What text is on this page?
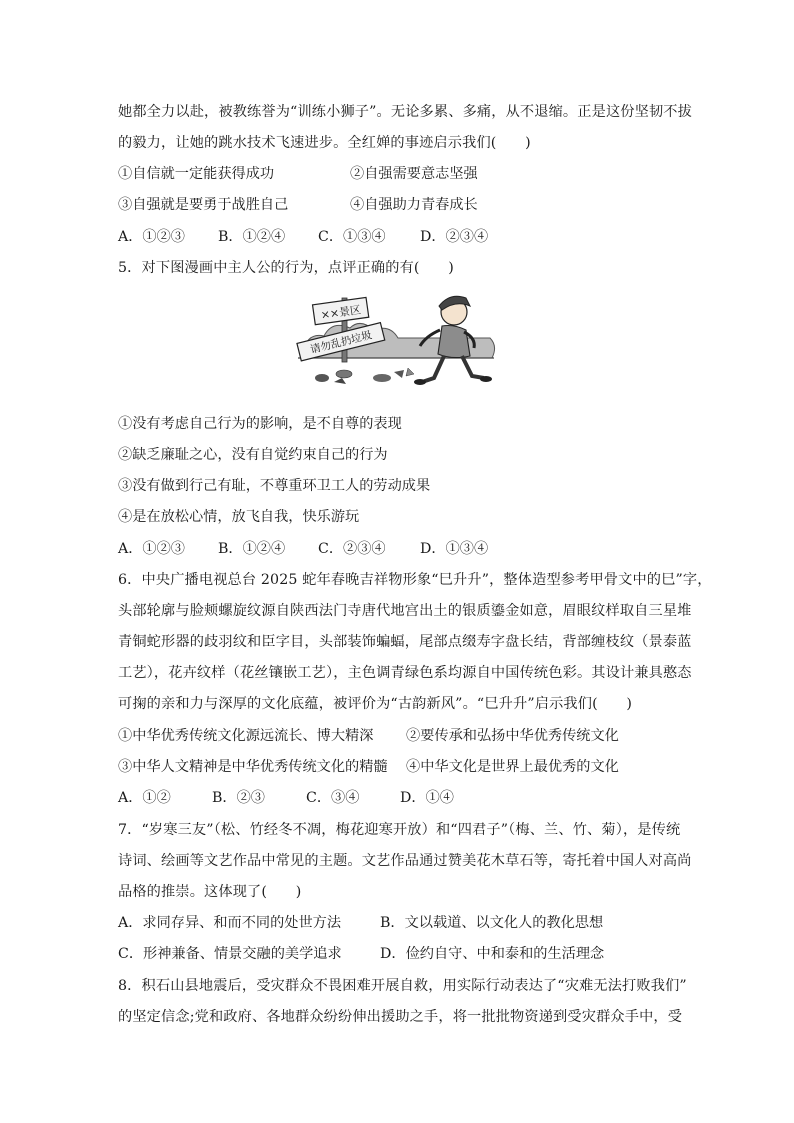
她都全力以赴，被教练誉为“训练小狮子”。无论多累、多痛，从不退缩。正是这份坚韧不拔
的毅力，让她的跳水技术飞速进步。全红婵的事迹启示我们(　　)
①自信就一定能获得成功	②自强需要意志坚强
③自强就是要勇于战胜自己	④自强助力青春成长
A．①②③ B．①②④ C．①③④ D．②③④
5．对下图漫画中主人公的行为，点评正确的有(　　)
××景区
请勿乱扔垃圾
①没有考虑自己行为的影响，是不自尊的表现
②缺乏廉耻之心，没有自觉约束自己的行为
③没有做到行己有耻，不尊重环卫工人的劳动成果
④是在放松心情，放飞自我，快乐游玩
A．①②③ B．①②④ C．②③④ D．①③④
6．中央广播电视总台 2025 蛇年春晚吉祥物形象“巳升升”，整体造型参考甲骨文中的巳”字，
头部轮廓与脸颊螺旋纹源自陕西法门寺唐代地宫出土的银质鎏金如意，眉眼纹样取自三星堆
青铜蛇形器的歧羽纹和臣字目，头部装饰蝙蝠，尾部点缀寿字盘长结，背部缠枝纹（景泰蓝
工艺），花卉纹样（花丝镶嵌工艺），主色调青绿色系均源自中国传统色彩。其设计兼具憨态
可掬的亲和力与深厚的文化底蕴，被评价为“古韵新风”。“巳升升”启示我们(　　)
①中华优秀传统文化源远流长、博大精深 ②要传承和弘扬中华优秀传统文化
③中华人文精神是中华优秀传统文化的精髓 ④中华文化是世界上最优秀的文化
A．①②	B．②③	C．③④	D．①④
7．“岁寒三友”（松、竹经冬不凋，梅花迎寒开放）和“四君子”（梅、兰、竹、菊），是传统
诗词、绘画等文艺作品中常见的主题。文艺作品通过赞美花木草石等，寄托着中国人对高尚
品格的推崇。这体现了(　　)
A．求同存异、和而不同的处世方法	B．文以载道、以文化人的教化思想
C．形神兼备、情景交融的美学追求	D．俭约自守、中和泰和的生活理念
8．积石山县地震后，受灾群众不畏困难开展自救，用实际行动表达了“灾难无法打败我们”
的坚定信念;党和政府、各地群众纷纷伸出援助之手，将一批批物资递到受灾群众手中，受
